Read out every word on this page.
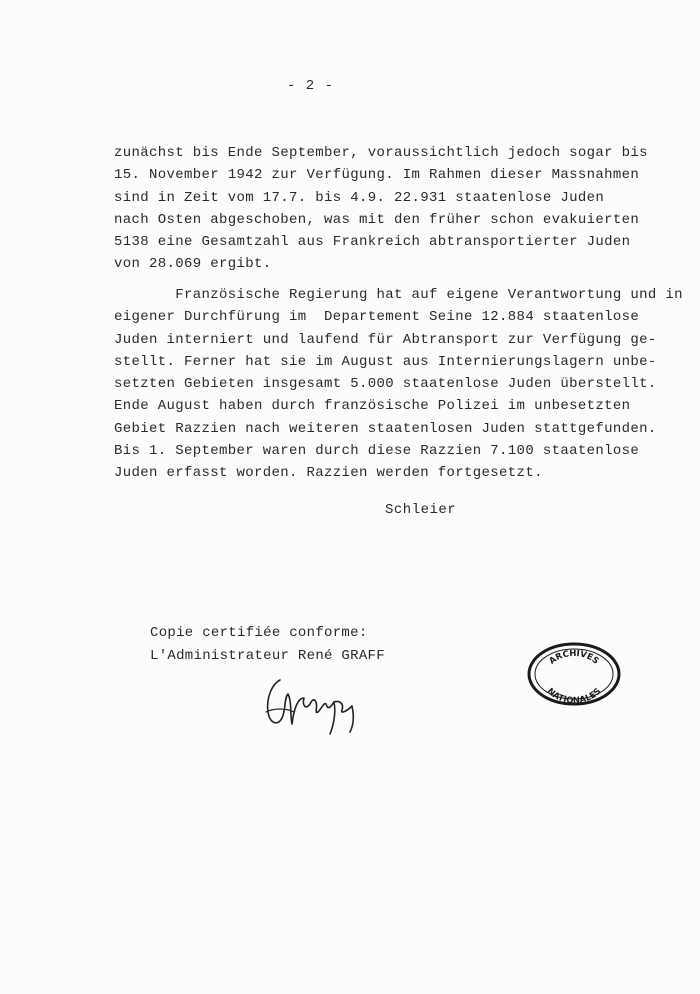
- 2 -

zunächst bis Ende September, voraussichtlich jedoch sogar bis
15. November 1942 zur Verfügung. Im Rahmen dieser Massnahmen
sind in Zeit vom 17.7. bis 4.9. 22.931 staatenlose Juden
nach Osten abgeschoben, was mit den früher schon evakuierten
5138 eine Gesamtzahl aus Frankreich abtransportierter Juden
von 28.069 ergibt.

Französische Regierung hat auf eigene Verantwortung und in
eigener Durchfürung im  Departement Seine 12.884 staatenlose
Juden interniert und laufend für Abtransport zur Verfügung ge-
stellt. Ferner hat sie im August aus Internierungslagern unbe-
setzten Gebieten insgesamt 5.000 staatenlose Juden überstellt.
Ende August haben durch französische Polizei im unbesetzten
Gebiet Razzien nach weiteren staatenlosen Juden stattgefunden.
Bis 1. September waren durch diese Razzien 7.100 staatenlose
Juden erfasst worden. Razzien werden fortgesetzt.

Schleier
Copie certifiée conforme:
L'Administrateur René GRAFF	ARCHIVES
NATIONALES
